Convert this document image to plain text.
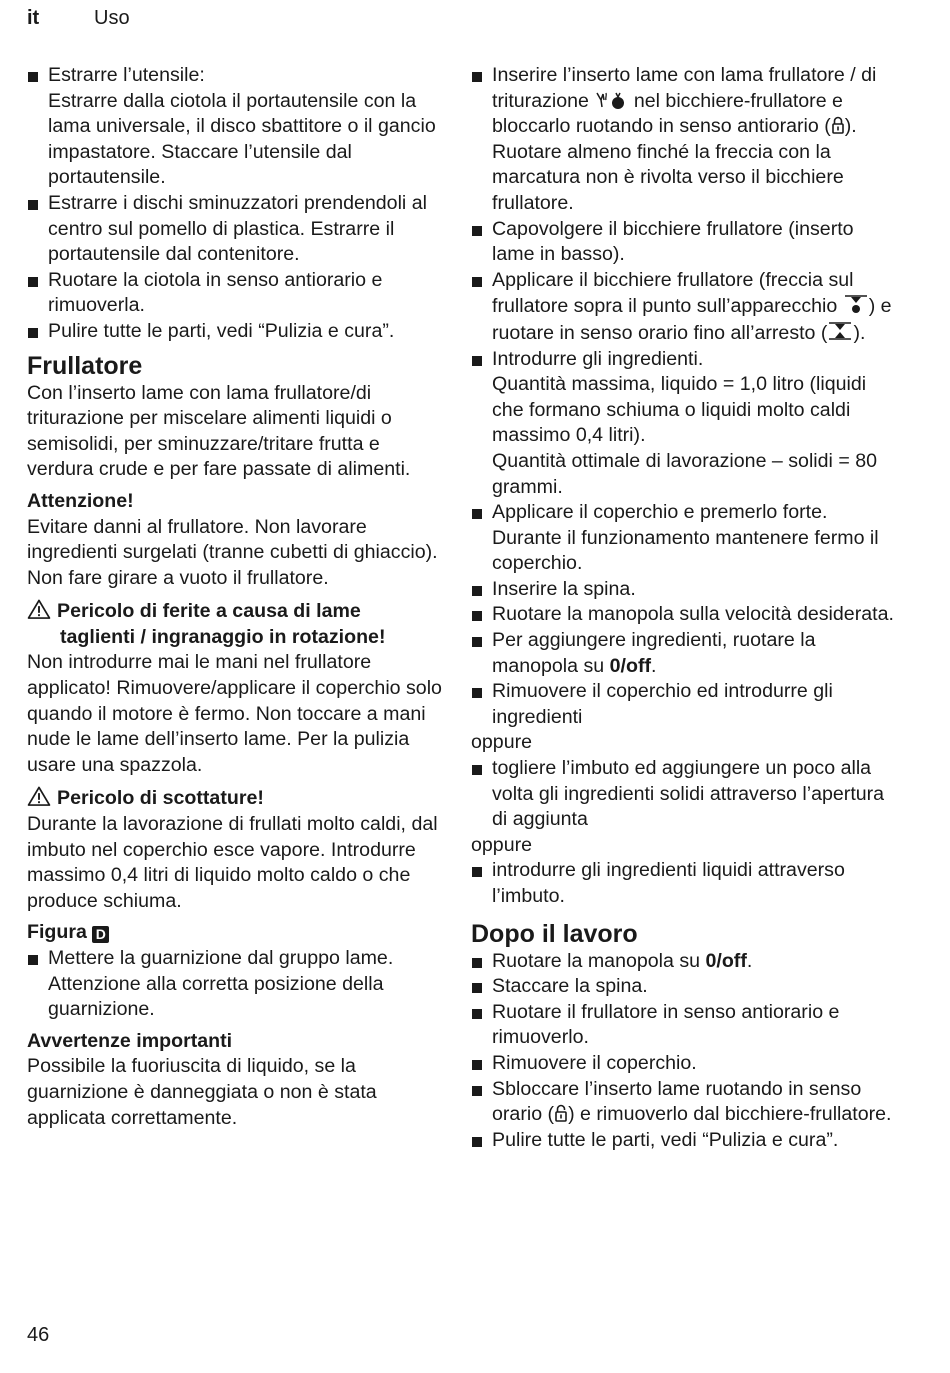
it	Uso
Estrarre l’utensile:
Estrarre dalla ciotola il portautensile con la lama universale, il disco sbattitore o il gancio impastatore. Staccare l’utensile dal portautensile.
Estrarre i dischi sminuzzatori prendendoli al centro sul pomello di plastica. Estrarre il portautensile dal contenitore.
Ruotare la ciotola in senso antiorario e rimuoverla.
Pulire tutte le parti, vedi “Pulizia e cura”.
Frullatore

Con l’inserto lame con lama frullatore/di triturazione per miscelare alimenti liquidi o semisolidi, per sminuzzare/tritare frutta e verdura crude e per fare passate di alimenti.

Attenzione!

Evitare danni al frullatore. Non lavorare ingredienti surgelati (tranne cubetti di ghiaccio). Non fare girare a vuoto il frullatore.

Pericolo di ferite a causa di lame
taglienti / ingranaggio in rotazione!

Non introdurre mai le mani nel frullatore applicato! Rimuovere/applicare il coperchio solo quando il motore è fermo. Non toccare a mani nude le lame dell’inserto lame. Per la pulizia usare una spazzola.

Pericolo di scottature!

Durante la lavorazione di frullati molto caldi, dal imbuto nel coperchio esce vapore. Introdurre massimo 0,4 litri di liquido molto caldo o che produce schiuma.

Figura D
Mettere la guarnizione dal gruppo lame. Attenzione alla corretta posizione della guarnizione.
Avvertenze importanti

Possibile la fuoriuscita di liquido, se la guarnizione è danneggiata o non è stata applicata correttamente.

Inserire l’inserto lame con lama frullatore / di triturazione nel bicchiere-frullatore e bloccarlo ruotando in senso antiorario ( ). Ruotare almeno finché la freccia con la marcatura non è rivolta verso il bicchiere frullatore.
Capovolgere il bicchiere frullatore (inserto lame in basso).
Applicare il bicchiere frullatore (freccia sul frullatore sopra il punto sull’apparecchio ) e ruotare in senso orario fino all’arresto ( ).
Introdurre gli ingredienti.
Quantità massima, liquido = 1,0 litro (liquidi che formano schiuma o liquidi molto caldi massimo 0,4 litri).
Quantità ottimale di lavorazione – solidi = 80 grammi.
Applicare il coperchio e premerlo forte. Durante il funzionamento mantenere fermo il coperchio.
Inserire la spina.
Ruotare la manopola sulla velocità desiderata.
Per aggiungere ingredienti, ruotare la manopola su 0/off.
Rimuovere il coperchio ed introdurre gli ingredienti

oppure

togliere l’imbuto ed aggiungere un poco alla volta gli ingredienti solidi attraverso l’apertura di aggiunta

oppure

introdurre gli ingredienti liquidi attraverso l’imbuto.
Dopo il lavoro
Ruotare la manopola su 0/off.
Staccare la spina.
Ruotare il frullatore in senso antiorario e rimuoverlo.
Rimuovere il coperchio.
Sbloccare l’inserto lame ruotando in senso orario ( ) e rimuoverlo dal bicchiere-frullatore.
Pulire tutte le parti, vedi “Pulizia e cura”.
46
